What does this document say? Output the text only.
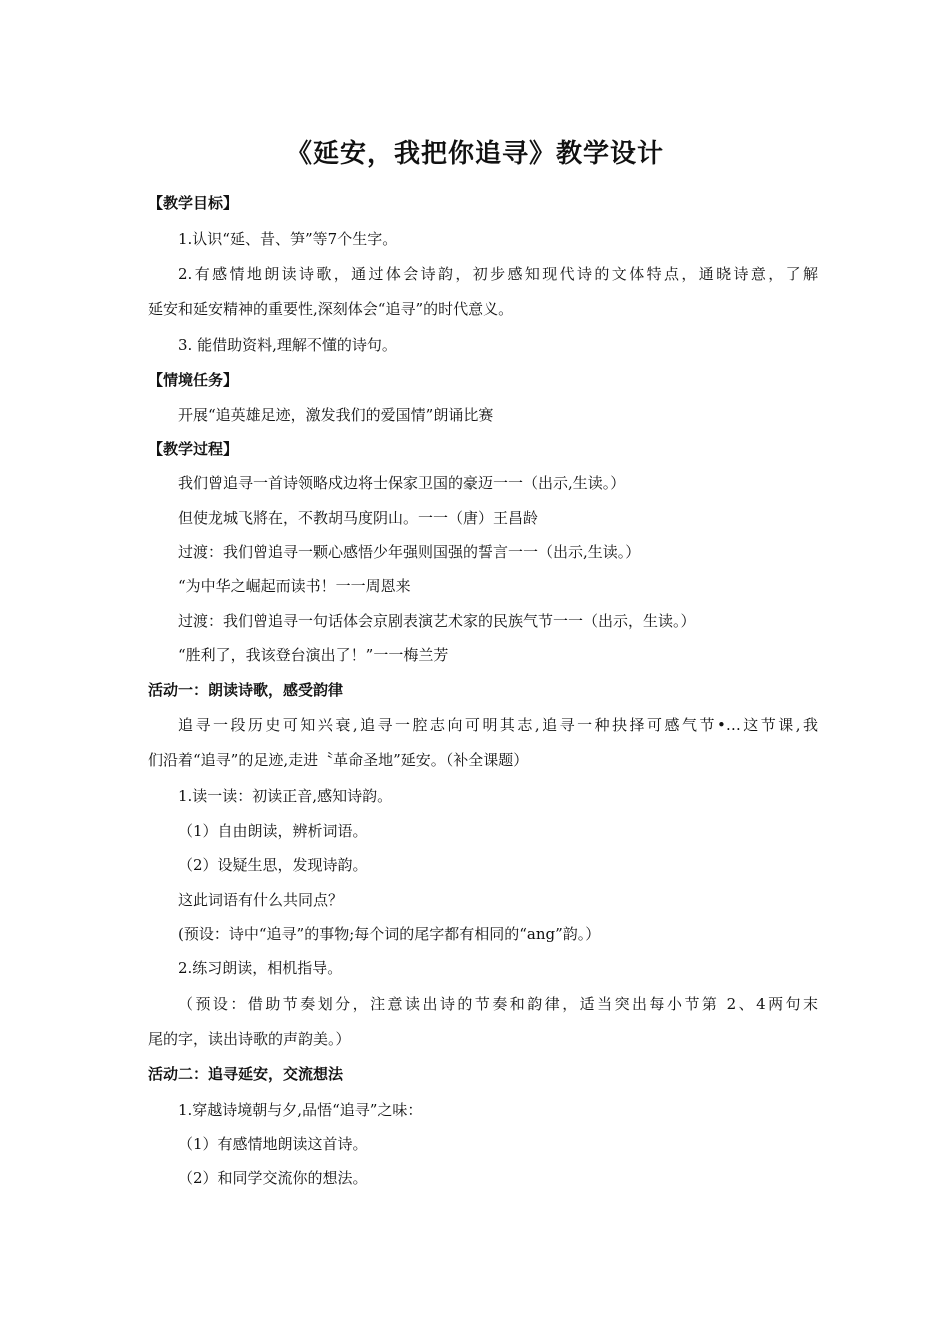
《延安，我把你追寻》教学设计

【教学目标】

1.认识“延、昔、笋”等7个生字。

2.有感情地朗读诗歌，通过体会诗韵，初步感知现代诗的文体特点，通晓诗意，了解

延安和延安精神的重要性,深刻体会“追寻”的时代意义。

3. 能借助资料,理解不懂的诗句。

【情境任务】

开展“追英雄足迹，激发我们的爱国情”朗诵比赛

【教学过程】

我们曾追寻一首诗领略戍边将士保家卫国的豪迈一一（出示,生读。）

但使龙城飞將在，不教胡马度阴山。一一（唐）王昌龄

过渡：我们曾追寻一颗心感悟少年强则国强的誓言一一（出示,生读。）

“为中华之崛起而读书！一一周恩来

过渡：我们曾追寻一句话体会京剧表演艺术家的民族气节一一（出示，生读。）

“胜利了，我该登台演出了！”一一梅兰芳

活动一：朗读诗歌，感受韵律

追寻一段历史可知兴衰,追寻一腔志向可明其志,追寻一种抉择可感气节•…这节课,我

们沿着“追寻”的足迹,走进〝革命圣地”延安。（补全课题）

1.读一读：初读正音,感知诗韵。

（1）自由朗读，辨析词语。

（2）设疑生思，发现诗韵。

这此词语有什么共同点？

(预设：诗中“追寻”的事物;每个词的尾字都有相同的“ang”韵。）

2.练习朗读，相机指导。

（预设：借助节奏划分，注意读出诗的节奏和韵律，适当突出每小节第 2、4两句末

尾的字，读出诗歌的声韵美。）

活动二：追寻延安，交流想法

1.穿越诗境朝与夕,品悟“追寻”之味：

（1）有感情地朗读这首诗。

（2）和同学交流你的想法。
